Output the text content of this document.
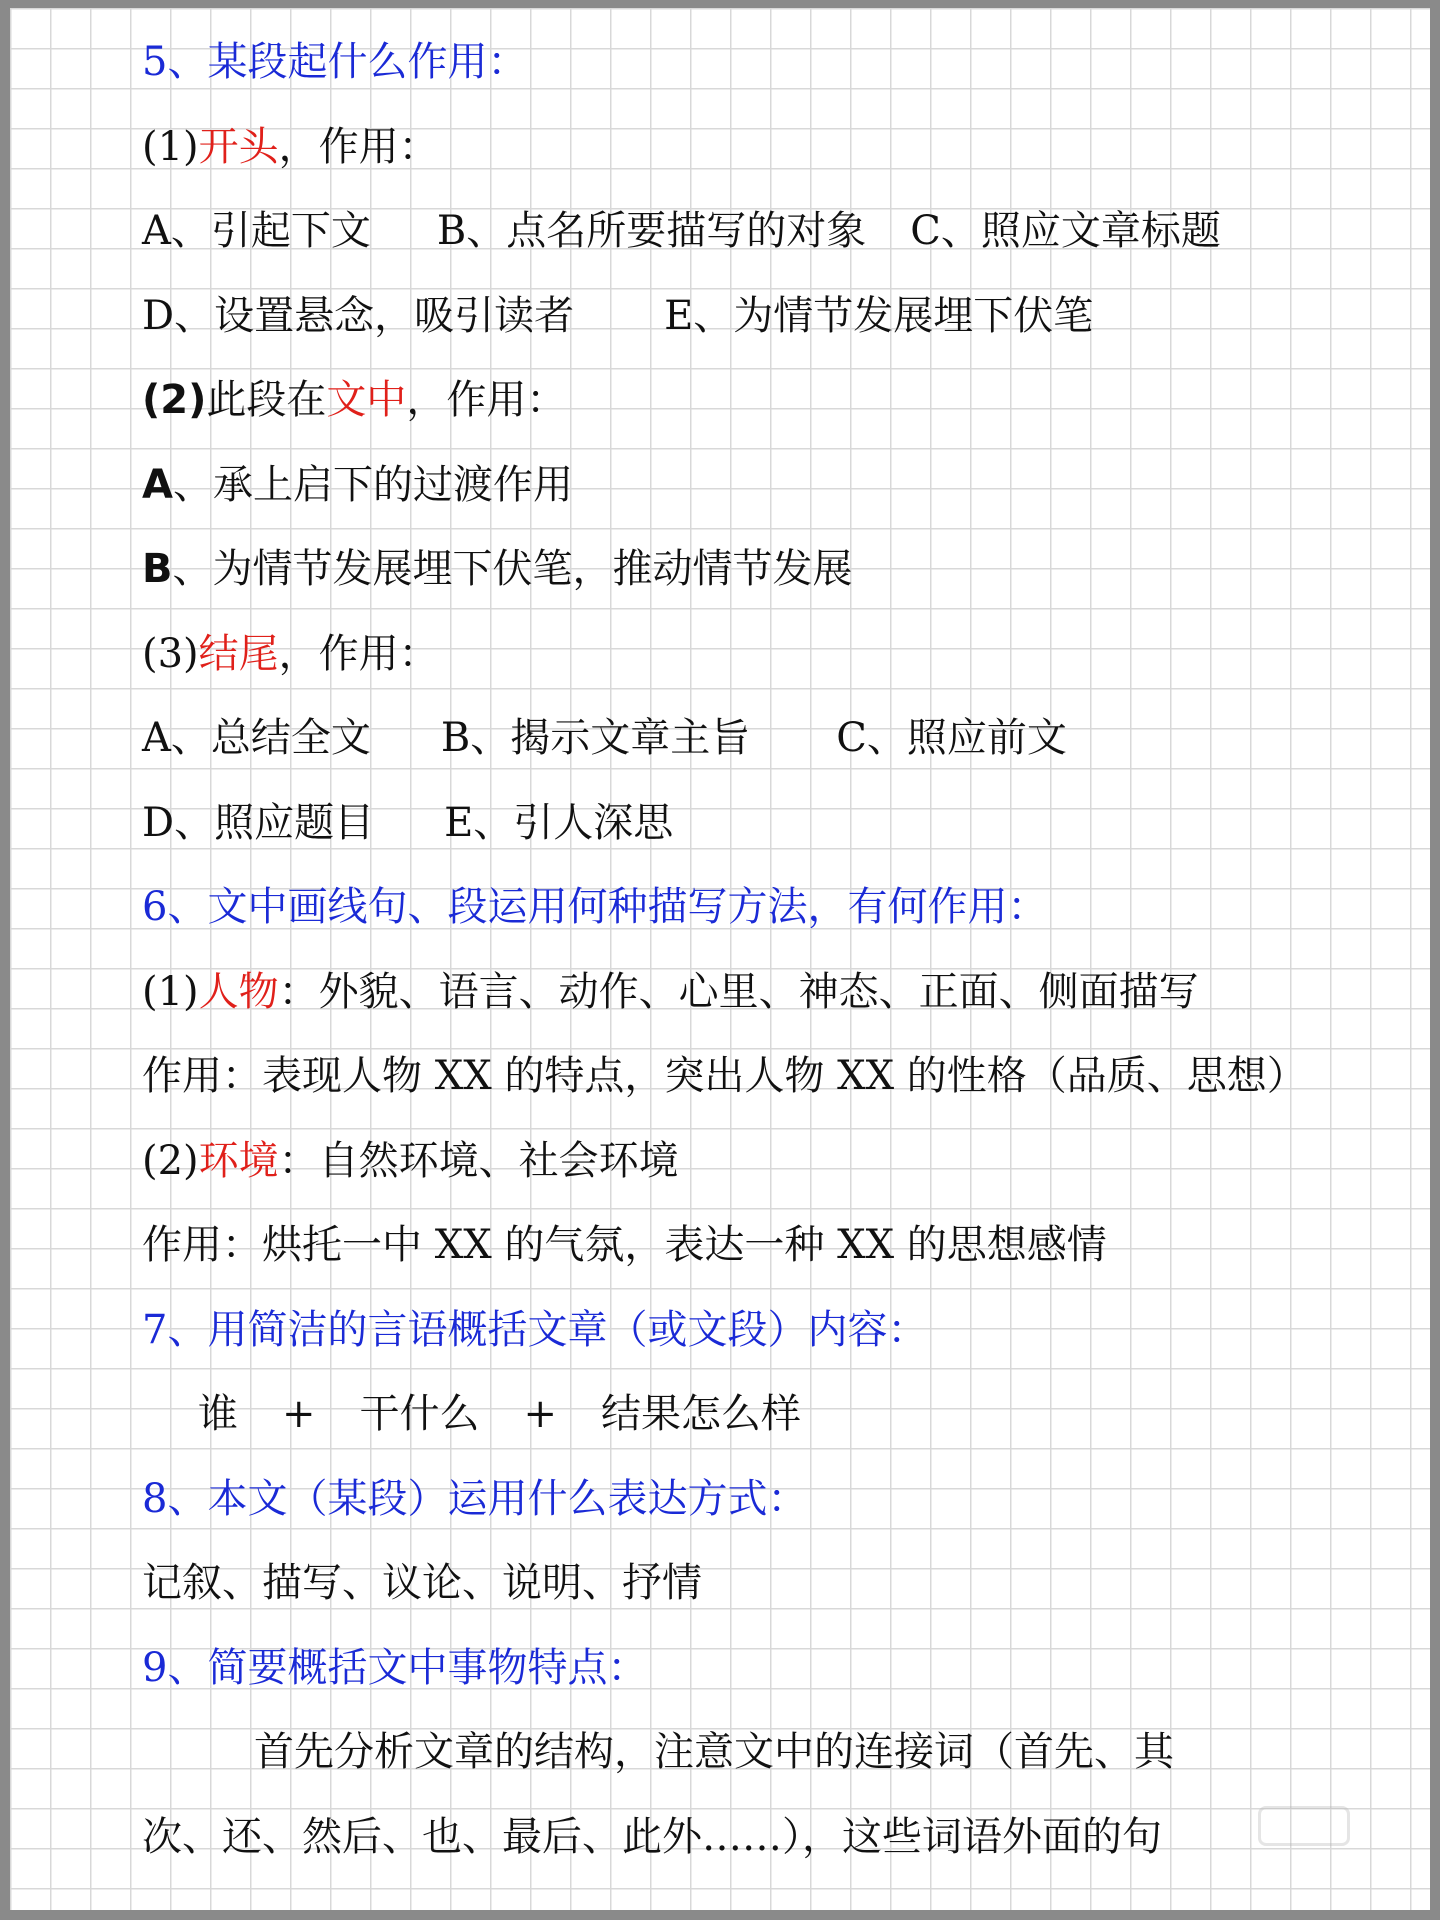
5、某段起什么作用：
(1)开头，作用：
A、引起下文 B、点名所要描写的对象 C、照应文章标题
D、设置悬念，吸引读者 E、为情节发展埋下伏笔
(2)此段在文中，作用：
A、承上启下的过渡作用
B、为情节发展埋下伏笔，推动情节发展
(3)结尾，作用：
A、总结全文 B、揭示文章主旨 C、照应前文
D、照应题目 E、引人深思
6、文中画线句、段运用何种描写方法，有何作用：
(1)人物：外貌、语言、动作、心里、神态、正面、侧面描写
作用：表现人物 XX 的特点，突出人物 XX 的性格（品质、思想）
(2)环境：自然环境、社会环境
作用：烘托一中 XX 的气氛，表达一种 XX 的思想感情
7、用简洁的言语概括文章（或文段）内容：
谁 + 干什么 + 结果怎么样
8、本文（某段）运用什么表达方式：
记叙、描写、议论、说明、抒情
9、简要概括文中事物特点：
首先分析文章的结构，注意文中的连接词（首先、其
次、还、然后、也、最后、此外……），这些词语外面的句
